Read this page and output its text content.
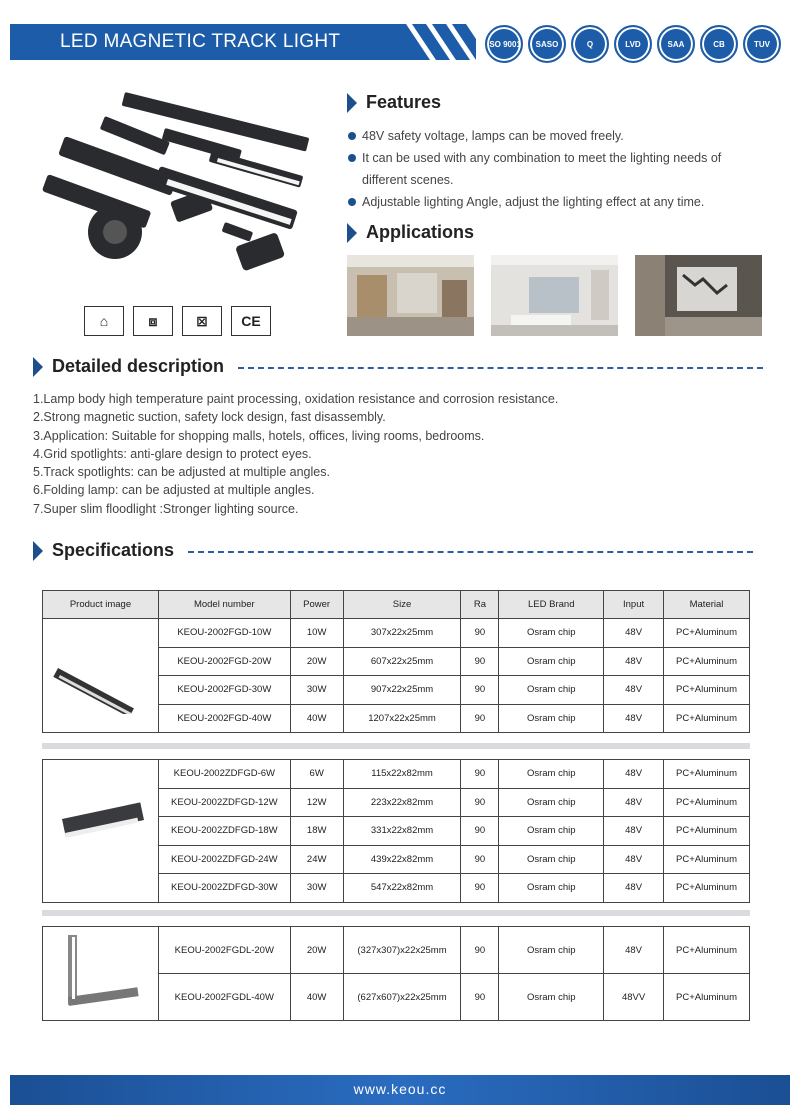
LED MAGNETIC TRACK LIGHT	ISO 9001	SASO	Q	LVD	SAA	CB	TUV
⌂	⧈	⊠	CE
Features
48V safety voltage, lamps can be moved freely.
It can be used with any combination to meet the lighting needs of different scenes.
Adjustable lighting Angle, adjust the lighting effect at any time.
Applications
Detailed description
1.Lamp body high temperature paint processing, oxidation resistance and corrosion resistance.
2.Strong magnetic suction, safety lock design, fast disassembly.
3.Application: Suitable for shopping malls, hotels, offices, living rooms, bedrooms.
4.Grid spotlights: anti-glare design to protect eyes.
5.Track spotlights: can be adjusted at multiple angles.
6.Folding lamp: can be adjusted at multiple angles.
7.Super slim floodlight :Stronger lighting source.
Specifications
Product image	Model number	Power	Size	Ra	LED Brand	Input	Material
	KEOU-2002FGD-10W	10W	307x22x25mm	90	Osram chip	48V	PC+Aluminum
	KEOU-2002FGD-20W	20W	607x22x25mm	90	Osram chip	48V	PC+Aluminum
	KEOU-2002FGD-30W	30W	907x22x25mm	90	Osram chip	48V	PC+Aluminum
	KEOU-2002FGD-40W	40W	1207x22x25mm	90	Osram chip	48V	PC+Aluminum
	KEOU-2002ZDFGD-6W	6W	115x22x82mm	90	Osram chip	48V	PC+Aluminum
	KEOU-2002ZDFGD-12W	12W	223x22x82mm	90	Osram chip	48V	PC+Aluminum
	KEOU-2002ZDFGD-18W	18W	331x22x82mm	90	Osram chip	48V	PC+Aluminum
	KEOU-2002ZDFGD-24W	24W	439x22x82mm	90	Osram chip	48V	PC+Aluminum
	KEOU-2002ZDFGD-30W	30W	547x22x82mm	90	Osram chip	48V	PC+Aluminum
	KEOU-2002FGDL-20W	20W	(327x307)x22x25mm	90	Osram chip	48V	PC+Aluminum
	KEOU-2002FGDL-40W	40W	(627x607)x22x25mm	90	Osram chip	48VV	PC+Aluminum
www.keou.cc
